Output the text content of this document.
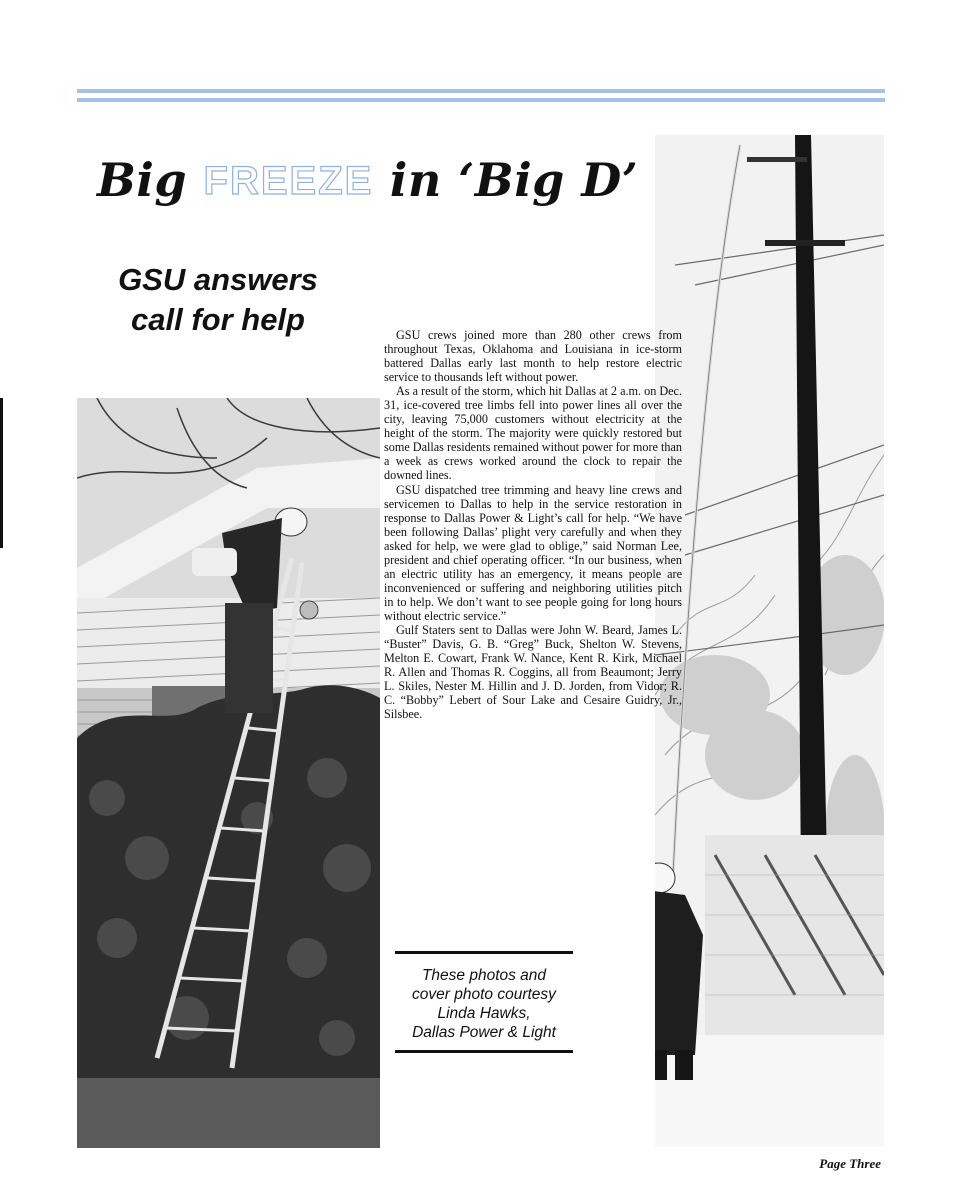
Big FREEZE in ‘Big D’
GSU answers
call for help	GSU crews joined more than 280 other crews from throughout Texas, Oklahoma and Louisiana in ice-storm battered Dallas early last month to help restore electric service to thousands left without power.

As a result of the storm, which hit Dallas at 2 a.m. on Dec. 31, ice-covered tree limbs fell into power lines all over the city, leaving 75,000 customers without electricity at the height of the storm. The majority were quickly restored but some Dallas residents remained without power for more than a week as crews worked around the clock to repair the downed lines.

GSU dispatched tree trimming and heavy line crews and servicemen to Dallas to help in the service restoration in response to Dallas Power & Light’s call for help. “We have been following Dallas’ plight very carefully and when they asked for help, we were glad to oblige,” said Norman Lee, president and chief operating officer. “In our business, when an electric utility has an emergency, it means people are inconvenienced or suffering and neighboring utilities pitch in to help. We don’t want to see people going for long hours without electric service.”

Gulf Staters sent to Dallas were John W. Beard, James L. “Buster” Davis, G. B. “Greg” Buck, Shelton W. Stevens, Melton E. Cowart, Frank W. Nance, Kent R. Kirk, Michael R. Allen and Thomas R. Coggins, all from Beaumont; Jerry L. Skiles, Nester M. Hillin and J. D. Jorden, from Vidor; R. C. “Bobby” Lebert of Sour Lake and Cesaire Guidry, Jr., Silsbee.

These photos and
cover photo courtesy
Linda Hawks,
Dallas Power & Light
Page Three
